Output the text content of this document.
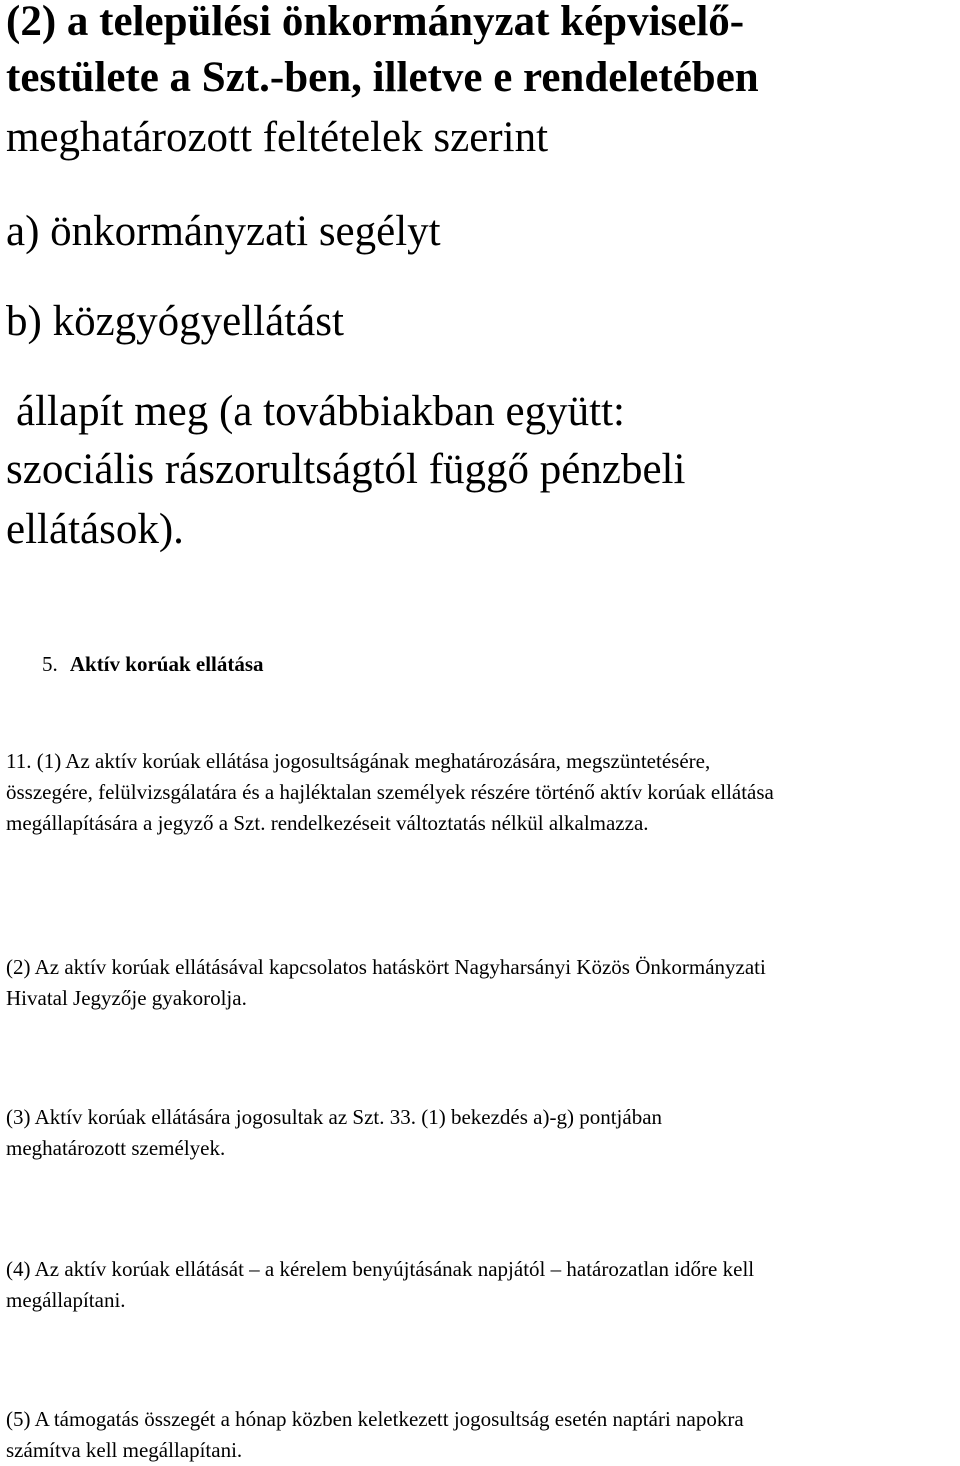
(2) a települési önkormányzat képviselő-

testülete a Szt.-ben, illetve e rendeletében

meghatározott feltételek szerint

a) önkormányzati segélyt

b) közgyógyellátást

állapít meg (a továbbiakban együtt:

szociális rászorultságtól függő pénzbeli

ellátások).

5. Aktív korúak ellátása
11. (1) Az aktív korúak ellátása jogosultságának meghatározására, megszüntetésére,
összegére, felülvizsgálatára és a hajléktalan személyek részére történő aktív korúak ellátása
megállapítására a jegyző a Szt. rendelkezéseit változtatás nélkül alkalmazza.
(2) Az aktív korúak ellátásával kapcsolatos hatáskört Nagyharsányi Közös Önkormányzati
Hivatal Jegyzője gyakorolja.
(3) Aktív korúak ellátására jogosultak az Szt. 33. (1) bekezdés a)-g) pontjában
meghatározott személyek.
(4) Az aktív korúak ellátását – a kérelem benyújtásának napjától – határozatlan időre kell
megállapítani.
(5) A támogatás összegét a hónap közben keletkezett jogosultság esetén naptári napokra
számítva kell megállapítani.
